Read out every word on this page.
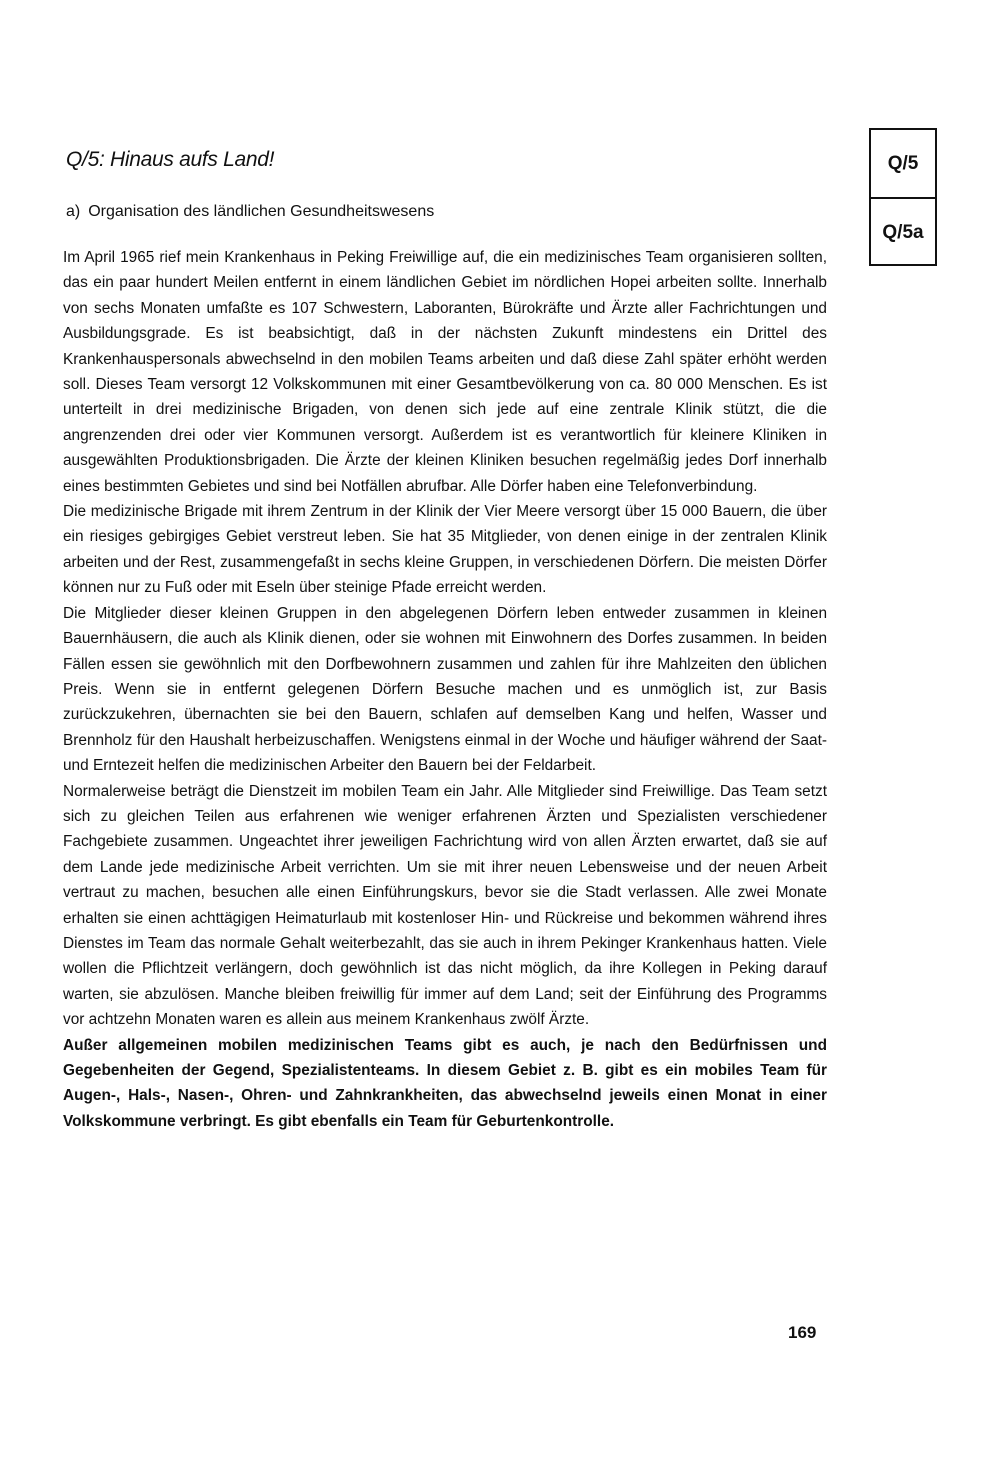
Q/5: Hinaus aufs Land!
a) Organisation des ländlichen Gesundheitswesens
Q/5
Q/5a

Im April 1965 rief mein Krankenhaus in Peking Freiwillige auf, die ein medizinisches Team organisieren sollten, das ein paar hundert Meilen entfernt in einem ländlichen Gebiet im nördlichen Hopei arbeiten sollte. Innerhalb von sechs Monaten umfaßte es 107 Schwestern, Laboranten, Bürokräfte und Ärzte aller Fachrichtungen und Ausbildungsgrade. Es ist beabsichtigt, daß in der nächsten Zukunft mindestens ein Drittel des Krankenhauspersonals abwechselnd in den mobilen Teams arbeiten und daß diese Zahl später erhöht werden soll. Dieses Team versorgt 12 Volkskommunen mit einer Gesamtbevölkerung von ca. 80 000 Menschen. Es ist unterteilt in drei medizinische Brigaden, von denen sich jede auf eine zentrale Klinik stützt, die die angrenzenden drei oder vier Kommunen versorgt. Außerdem ist es verantwortlich für kleinere Kliniken in ausgewählten Produktionsbrigaden. Die Ärzte der kleinen Kliniken besuchen regelmäßig jedes Dorf innerhalb eines bestimmten Gebietes und sind bei Notfällen abrufbar. Alle Dörfer haben eine Telefonverbindung.

Die medizinische Brigade mit ihrem Zentrum in der Klinik der Vier Meere versorgt über 15 000 Bauern, die über ein riesiges gebirgiges Gebiet verstreut leben. Sie hat 35 Mitglieder, von denen einige in der zentralen Klinik arbeiten und der Rest, zusammengefaßt in sechs kleine Gruppen, in verschiedenen Dörfern. Die meisten Dörfer können nur zu Fuß oder mit Eseln über steinige Pfade erreicht werden.

Die Mitglieder dieser kleinen Gruppen in den abgelegenen Dörfern leben entweder zusammen in kleinen Bauernhäusern, die auch als Klinik dienen, oder sie wohnen mit Einwohnern des Dorfes zusammen. In beiden Fällen essen sie gewöhnlich mit den Dorfbewohnern zusammen und zahlen für ihre Mahlzeiten den üblichen Preis. Wenn sie in entfernt gelegenen Dörfern Besuche machen und es unmöglich ist, zur Basis zurückzukehren, übernachten sie bei den Bauern, schlafen auf demselben Kang und helfen, Wasser und Brennholz für den Haushalt herbeizuschaffen. Wenigstens einmal in der Woche und häufiger während der Saat- und Erntezeit helfen die medizinischen Arbeiter den Bauern bei der Feldarbeit.

Normalerweise beträgt die Dienstzeit im mobilen Team ein Jahr. Alle Mitglieder sind Freiwillige. Das Team setzt sich zu gleichen Teilen aus erfahrenen wie weniger erfahrenen Ärzten und Spezialisten verschiedener Fachgebiete zusammen. Ungeachtet ihrer jeweiligen Fachrichtung wird von allen Ärzten erwartet, daß sie auf dem Lande jede medizinische Arbeit verrichten. Um sie mit ihrer neuen Lebensweise und der neuen Arbeit vertraut zu machen, besuchen alle einen Einführungskurs, bevor sie die Stadt verlassen. Alle zwei Monate erhalten sie einen achttägigen Heimaturlaub mit kostenloser Hin- und Rückreise und bekommen während ihres Dienstes im Team das normale Gehalt weiterbezahlt, das sie auch in ihrem Pekinger Krankenhaus hatten. Viele wollen die Pflichtzeit verlängern, doch gewöhnlich ist das nicht möglich, da ihre Kollegen in Peking darauf warten, sie abzulösen. Manche bleiben freiwillig für immer auf dem Land; seit der Einführung des Programms vor achtzehn Monaten waren es allein aus meinem Krankenhaus zwölf Ärzte.

Außer allgemeinen mobilen medizinischen Teams gibt es auch, je nach den Bedürfnissen und Gegebenheiten der Gegend, Spezialistenteams. In diesem Gebiet z. B. gibt es ein mobiles Team für Augen-, Hals-, Nasen-, Ohren- und Zahnkrankheiten, das abwechselnd jeweils einen Monat in einer Volkskommune verbringt. Es gibt ebenfalls ein Team für Geburtenkontrolle.

169
